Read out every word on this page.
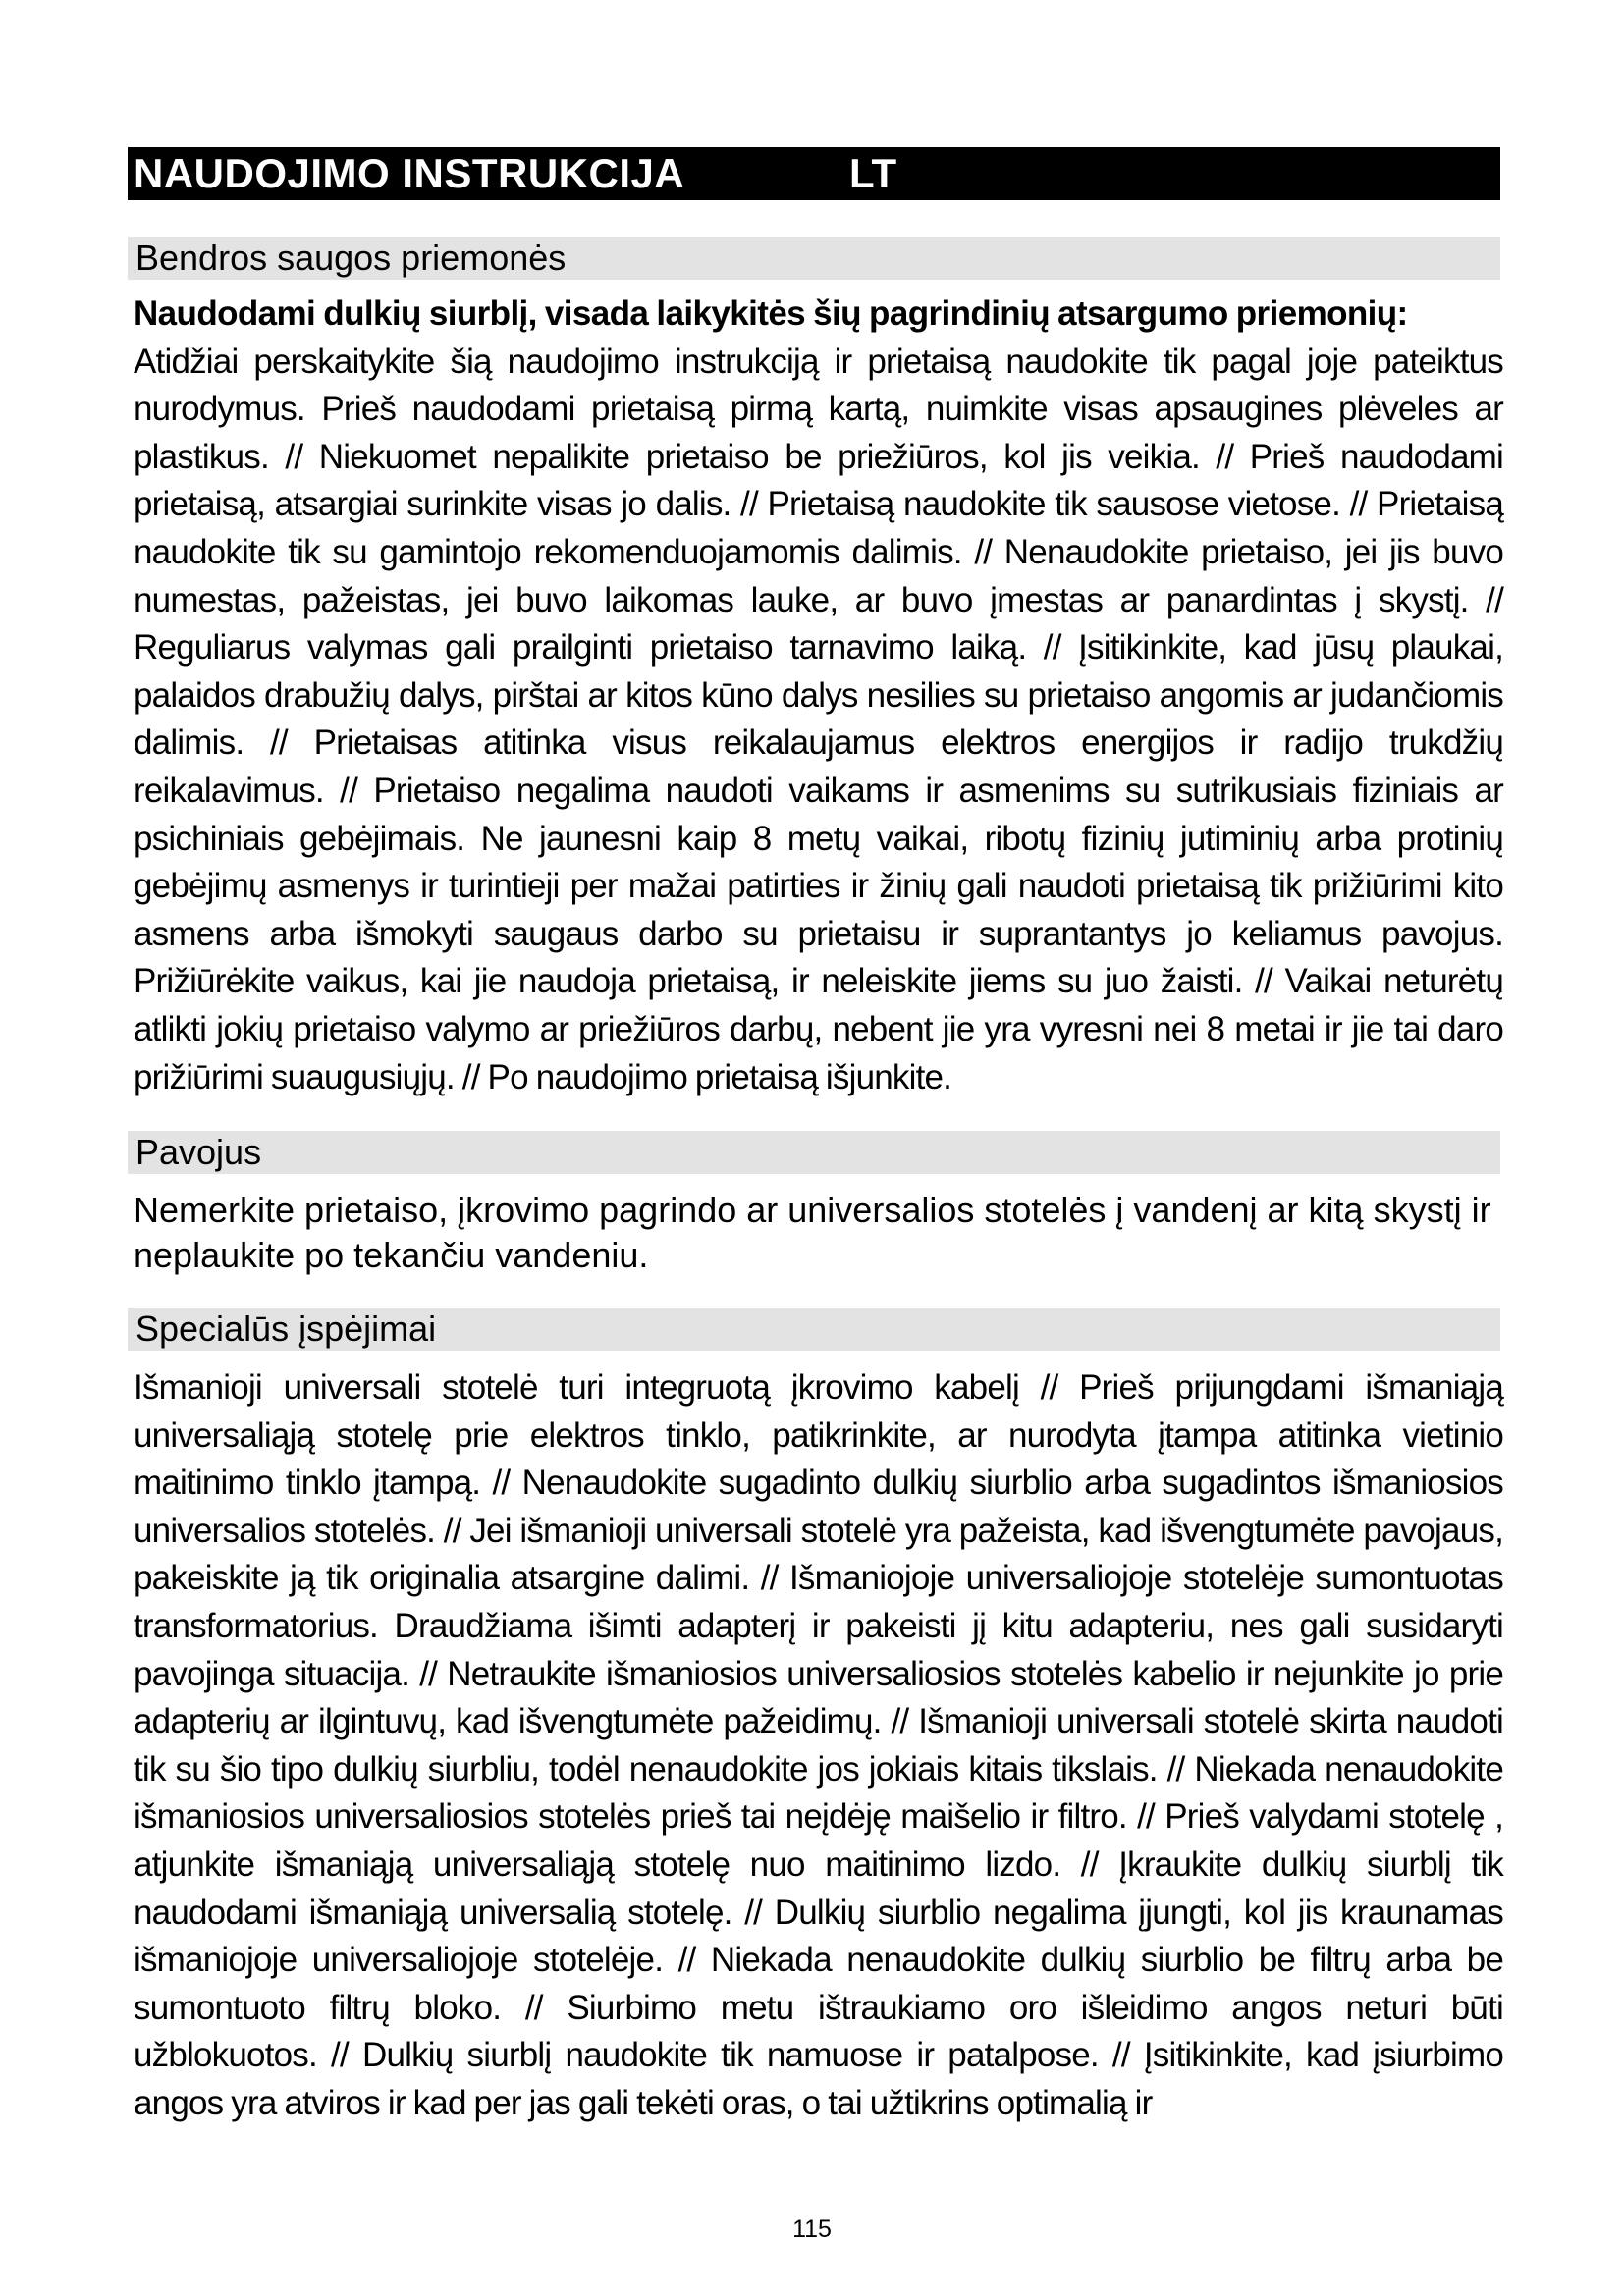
NAUDOJIMO INSTRUKCIJA	LT
Bendros saugos priemonės
Naudodami dulkių siurblį, visada laikykitės šių pagrindinių atsargumo priemonių:
Atidžiai perskaitykite šią naudojimo instrukciją ir prietaisą naudokite tik pagal joje pateiktus nurodymus. Prieš naudodami prietaisą pirmą kartą, nuimkite visas apsaugines plėveles ar plastikus. // Niekuomet nepalikite prietaiso be priežiūros, kol jis veikia. // Prieš naudodami prietaisą, atsargiai surinkite visas jo dalis. // Prietaisą naudokite tik sausose vietose. // Prietaisą naudokite tik su gamintojo rekomenduojamomis dalimis. // Nenaudokite prietaiso, jei jis buvo numestas, pažeistas, jei buvo laikomas lauke, ar buvo įmestas ar panardintas į skystį. // Reguliarus valymas gali prailginti prietaiso tarnavimo laiką. // Įsitikinkite, kad jūsų plaukai, palaidos drabužių dalys, pirštai ar kitos kūno dalys nesilies su prietaiso angomis ar judančiomis dalimis. // Prietaisas atitinka visus reikalaujamus elektros energijos ir radijo trukdžių reikalavimus. // Prietaiso negalima naudoti vaikams ir asmenims su sutrikusiais fiziniais ar psichiniais gebėjimais. Ne jaunesni kaip 8 metų vaikai, ribotų fizinių jutiminių arba protinių gebėjimų asmenys ir turintieji per mažai patirties ir žinių gali naudoti prietaisą tik prižiūrimi kito asmens arba išmokyti saugaus darbo su prietaisu ir suprantantys jo keliamus pavojus. Prižiūrėkite vaikus, kai jie naudoja prietaisą, ir neleiskite jiems su juo žaisti. // Vaikai neturėtų atlikti jokių prietaiso valymo ar priežiūros darbų, nebent jie yra vyresni nei 8 metai ir jie tai daro prižiūrimi suaugusiųjų. // Po naudojimo prietaisą išjunkite.
Pavojus
Nemerkite prietaiso, įkrovimo pagrindo ar universalios stotelės į vandenį ar kitą skystį ir neplaukite po tekančiu vandeniu.
Specialūs įspėjimai
Išmanioji universali stotelė turi integruotą įkrovimo kabelį // Prieš prijungdami išmaniąją universaliąją stotelę prie elektros tinklo, patikrinkite, ar nurodyta įtampa atitinka vietinio maitinimo tinklo įtampą. // Nenaudokite sugadinto dulkių siurblio arba sugadintos išmaniosios universalios stotelės. // Jei išmanioji universali stotelė yra pažeista, kad išvengtumėte pavojaus, pakeiskite ją tik originalia atsargine dalimi. // Išmaniojoje universaliojoje stotelėje sumontuotas transformatorius. Draudžiama išimti adapterį ir pakeisti jį kitu adapteriu, nes gali susidaryti pavojinga situacija. // Netraukite išmaniosios universaliosios stotelės kabelio ir nejunkite jo prie adapterių ar ilgintuvų, kad išvengtumėte pažeidimų. // Išmanioji universali stotelė skirta naudoti tik su šio tipo dulkių siurbliu, todėl nenaudokite jos jokiais kitais tikslais. // Niekada nenaudokite išmaniosios universaliosios stotelės prieš tai neįdėję maišelio ir filtro. // Prieš valydami stotelę , atjunkite išmaniąją universaliąją stotelę nuo maitinimo lizdo. // Įkraukite dulkių siurblį tik naudodami išmaniąją universalią stotelę. // Dulkių siurblio negalima įjungti, kol jis kraunamas išmaniojoje universaliojoje stotelėje. // Niekada nenaudokite dulkių siurblio be filtrų arba be sumontuoto filtrų bloko. // Siurbimo metu ištraukiamo oro išleidimo angos neturi būti užblokuotos. // Dulkių siurblį naudokite tik namuose ir patalpose. // Įsitikinkite, kad įsiurbimo angos yra atviros ir kad per jas gali tekėti oras, o tai užtikrins optimalią ir
115
